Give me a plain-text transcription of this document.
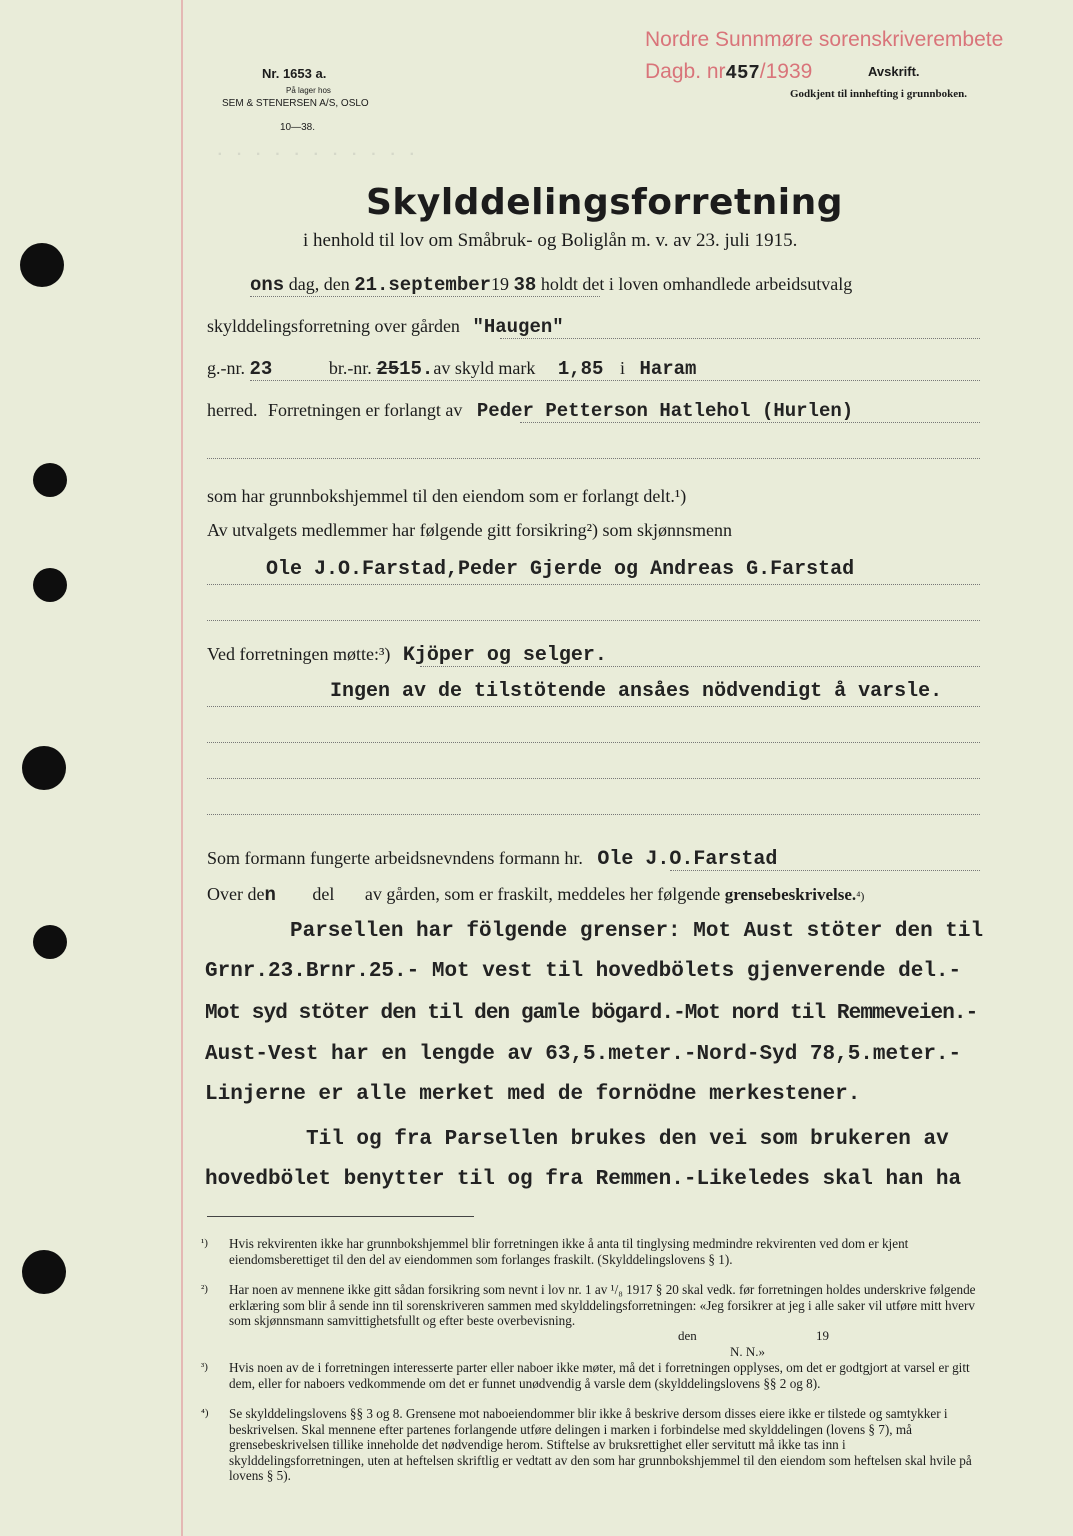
· · · · · · · · · · ·
Nordre Sunnmøre sorenskriverembete
Dagb. nr457/1939	Avskrift.
Godkjent til innhefting i grunnboken.
Nr. 1653 a.
På lager hos
SEM & STENERSEN A/S, OSLO
10—38.
Skylddelingsforretning
i henhold til lov om Småbruk- og Boliglån m. v. av 23. juli 1915.
ons dag, den 21.september19 38 holdt det i loven omhandlede arbeidsutvalg
skylddelingsforretning over gården "Haugen"
g.-nr. 23	br.-nr. 2515.av skyld mark 1,85 i Haram
herred. Forretningen er forlangt av Peder Petterson Hatlehol (Hurlen)
som har grunnbokshjemmel til den eiendom som er forlangt delt.¹)
Av utvalgets medlemmer har følgende gitt forsikring²) som skjønnsmenn
Ole J.O.Farstad,Peder Gjerde og Andreas G.Farstad
Ved forretningen møtte:³) Kjöper og selger.
Ingen av de tilstötende ansåes nödvendigt å varsle.
Som formann fungerte arbeidsnevndens formann hr. Ole J.O.Farstad
Over den del av gården, som er fraskilt, meddeles her følgende grensebeskrivelse.⁴)
Parsellen har fölgende grenser: Mot Aust stöter den til
Grnr.23.Brnr.25.- Mot vest til hovedbölets gjenverende del.-
Mot syd stöter den til den gamle bögard.-Mot nord til Remmeveien.-
Aust-Vest har en lengde av 63,5.meter.-Nord-Syd 78,5.meter.-
Linjerne er alle merket med de fornödne merkestener.
Til og fra Parsellen brukes den vei som brukeren av
hovedbölet benytter til og fra Remmen.-Likeledes skal han ha
¹)	Hvis rekvirenten ikke har grunnbokshjemmel blir forretningen ikke å anta til tinglysing medmindre rekvirenten ved dom er kjent eiendomsberettiget til den del av eiendommen som forlanges fraskilt. (Skylddelingslovens § 1).
²)	Har noen av mennene ikke gitt sådan forsikring som nevnt i lov nr. 1 av ¹/₈ 1917 § 20 skal vedk. før forretningen holdes underskrive følgende erklæring som blir å sende inn til sorenskriveren sammen med skylddelingsforretningen: «Jeg forsikrer at jeg i alle saker vil utføre mitt hverv som skjønnsmann samvittighetsfullt og efter beste overbevisning.
den	19
N. N.»
³)	Hvis noen av de i forretningen interesserte parter eller naboer ikke møter, må det i forretningen opplyses, om det er godtgjort at varsel er gitt dem, eller for naboers vedkommende om det er funnet unødvendig å varsle dem (skylddelingslovens §§ 2 og 8).
⁴)	Se skylddelingslovens §§ 3 og 8. Grensene mot naboeiendommer blir ikke å beskrive dersom disses eiere ikke er tilstede og samtykker i beskrivelsen. Skal mennene efter partenes forlangende utføre delingen i marken i forbindelse med skylddelingen (lovens § 7), må grensebeskrivelsen tillike inneholde det nødvendige herom. Stiftelse av bruksrettighet eller servitutt må ikke tas inn i skylddelingsforretningen, uten at heftelsen skriftlig er vedtatt av den som har grunnbokshjemmel til den eiendom som heftelsen skal hvile på lovens § 5).
